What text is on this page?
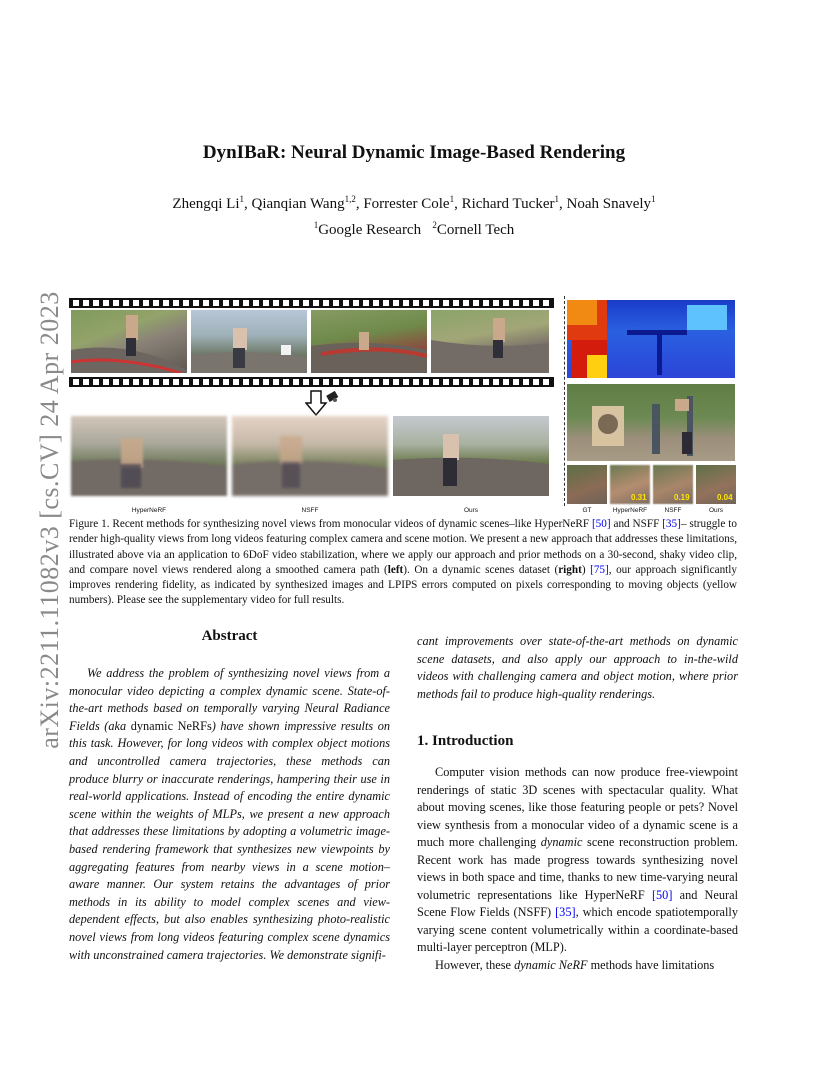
arXiv:2211.11082v3 [cs.CV] 24 Apr 2023
DynIBaR: Neural Dynamic Image-Based Rendering
Zhengqi Li$^1$, Qianqian Wang$^{1,2}$, Forrester Cole$^1$, Richard Tucker$^1$, Noah Snavely$^1$
$^1$Google Research $^2$Cornell Tech
HyperNeRF	NSFF	Ours
0.31	0.19	0.04
GT	HyperNeRF	NSFF	Ours
Figure 1. Recent methods for synthesizing novel views from monocular videos of dynamic scenes–like HyperNeRF [50] and NSFF [35]– struggle to render high-quality views from long videos featuring complex camera and scene motion. We present a new approach that addresses these limitations, illustrated above via an application to 6DoF video stabilization, where we apply our approach and prior methods on a 30-second, shaky video clip, and compare novel views rendered along a smoothed camera path (left). On a dynamic scenes dataset (right) [75], our approach significantly improves rendering fidelity, as indicated by synthesized images and LPIPS errors computed on pixels corresponding to moving objects (yellow numbers). Please see the supplementary video for full results.
Abstract
We address the problem of synthesizing novel views from a monocular video depicting a complex dynamic scene. State-of-the-art methods based on temporally varying Neural Radiance Fields (aka dynamic NeRFs) have shown impressive results on this task. However, for long videos with complex object motions and uncontrolled camera trajectories, these methods can produce blurry or inaccurate renderings, hampering their use in real-world applications. Instead of encoding the entire dynamic scene within the weights of MLPs, we present a new approach that addresses these limitations by adopting a volumetric image-based rendering framework that synthesizes new viewpoints by aggregating features from nearby views in a scene motion–aware manner. Our system retains the advantages of prior methods in its ability to model complex scenes and view-dependent effects, but also enables synthesizing photo-realistic novel views from long videos featuring complex scene dynamics with unconstrained camera trajectories. We demonstrate signifi-
cant improvements over state-of-the-art methods on dynamic scene datasets, and also apply our approach to in-the-wild videos with challenging camera and object motion, where prior methods fail to produce high-quality renderings.
1. Introduction
Computer vision methods can now produce free-viewpoint renderings of static 3D scenes with spectacular quality. What about moving scenes, like those featuring people or pets? Novel view synthesis from a monocular video of a dynamic scene is a much more challenging dynamic scene reconstruction problem. Recent work has made progress towards synthesizing novel views in both space and time, thanks to new time-varying neural volumetric representations like HyperNeRF [50] and Neural Scene Flow Fields (NSFF) [35], which encode spatiotemporally varying scene content volumetrically within a coordinate-based multi-layer perceptron (MLP).
However, these dynamic NeRF methods have limitations
